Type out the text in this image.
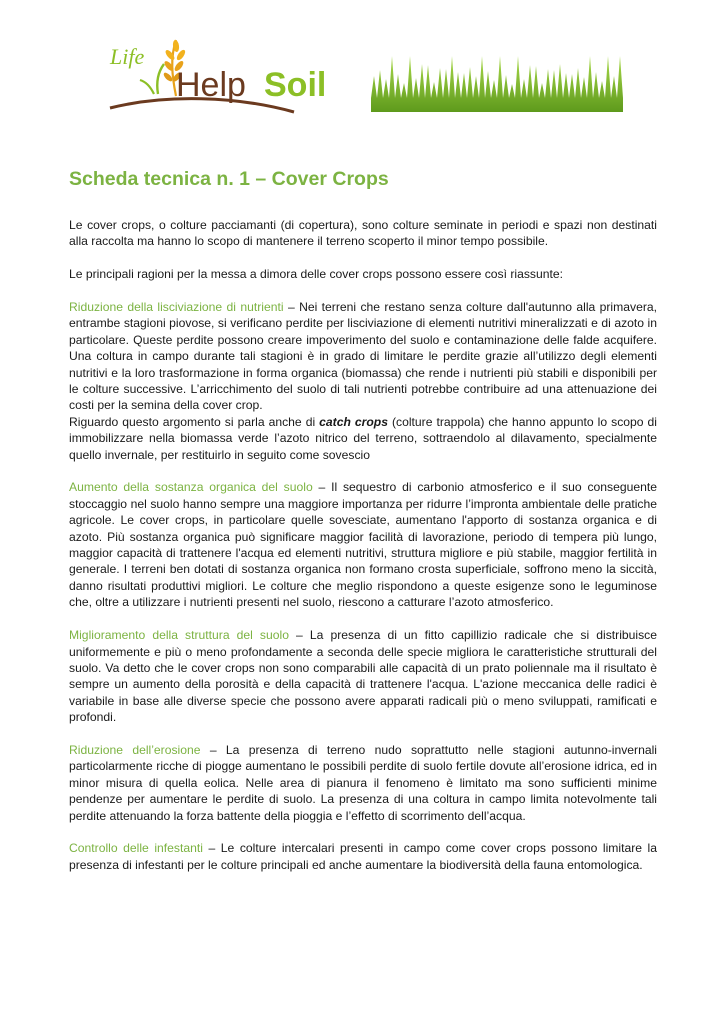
Life
Help Soil
Scheda tecnica n. 1 – Cover Crops

Le cover crops, o colture pacciamanti (di copertura), sono colture seminate in periodi e spazi non destinati alla raccolta ma hanno lo scopo di mantenere il terreno scoperto il minor tempo possibile.

Le principali ragioni per la messa a dimora delle cover crops possono essere così riassunte:

Riduzione della lisciviazione di nutrienti – Nei terreni che restano senza colture dall'autunno alla primavera, entrambe stagioni piovose, si verificano perdite per lisciviazione di elementi nutritivi mineralizzati e di azoto in particolare. Queste perdite possono creare impoverimento del suolo e contaminazione delle falde acquifere. Una coltura in campo durante tali stagioni è in grado di limitare le perdite grazie all’utilizzo degli elementi nutritivi e la loro trasformazione in forma organica (biomassa) che rende i nutrienti più stabili e disponibili per le colture successive. L’arricchimento del suolo di tali nutrienti potrebbe contribuire ad una attenuazione dei costi per la semina della cover crop.

Riguardo questo argomento si parla anche di catch crops (colture trappola) che hanno appunto lo scopo di immobilizzare nella biomassa verde l’azoto nitrico del terreno, sottraendolo al dilavamento, specialmente quello invernale, per restituirlo in seguito come sovescio

Aumento della sostanza organica del suolo – Il sequestro di carbonio atmosferico e il suo conseguente stoccaggio nel suolo hanno sempre una maggiore importanza per ridurre l’impronta ambientale delle pratiche agricole. Le cover crops, in particolare quelle sovesciate, aumentano l'apporto di sostanza organica e di azoto. Più sostanza organica può significare maggior facilità di lavorazione, periodo di tempera più lungo, maggior capacità di trattenere l'acqua ed elementi nutritivi, struttura migliore e più stabile, maggior fertilità in generale. I terreni ben dotati di sostanza organica non formano crosta superficiale, soffrono meno la siccità, danno risultati produttivi migliori. Le colture che meglio rispondono a queste esigenze sono le leguminose che, oltre a utilizzare i nutrienti presenti nel suolo, riescono a catturare l’azoto atmosferico.

Miglioramento della struttura del suolo – La presenza di un fitto capillizio radicale che si distribuisce uniformemente e più o meno profondamente a seconda delle specie migliora le caratteristiche strutturali del suolo. Va detto che le cover crops non sono comparabili alle capacità di un prato poliennale ma il risultato è sempre un aumento della porosità e della capacità di trattenere l'acqua. L'azione meccanica delle radici è variabile in base alle diverse specie che possono avere apparati radicali più o meno sviluppati, ramificati e profondi.

Riduzione dell’erosione – La presenza di terreno nudo soprattutto nelle stagioni autunno-invernali particolarmente ricche di piogge aumentano le possibili perdite di suolo fertile dovute all’erosione idrica, ed in minor misura di quella eolica. Nelle area di pianura il fenomeno è limitato ma sono sufficienti minime pendenze per aumentare le perdite di suolo. La presenza di una coltura in campo limita notevolmente tali perdite attenuando la forza battente della pioggia e l’effetto di scorrimento dell’acqua.

Controllo delle infestanti – Le colture intercalari presenti in campo come cover crops possono limitare la presenza di infestanti per le colture principali ed anche aumentare la biodiversità della fauna entomologica.
